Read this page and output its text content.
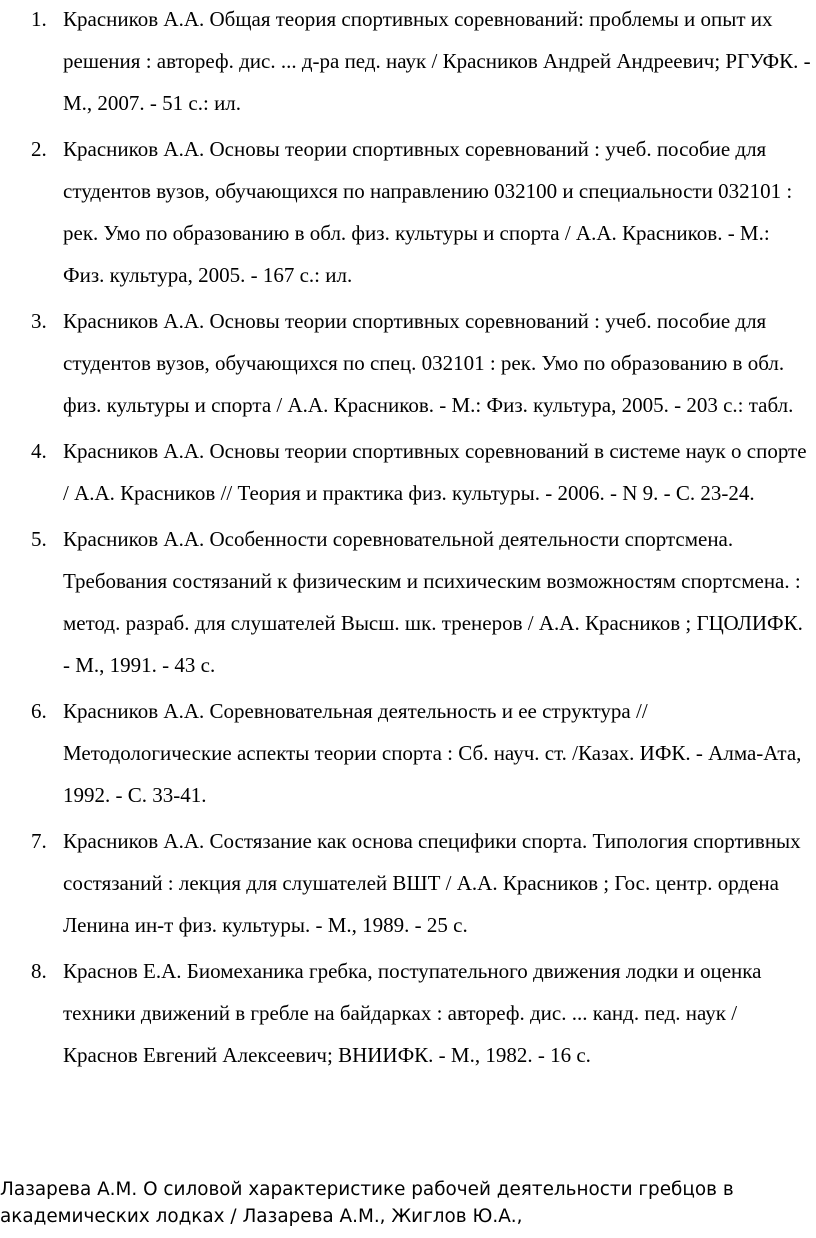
1. Красников А.А. Общая теория спортивных соревнований: проблемы и опыт их решения : автореф. дис. ... д-ра пед. наук / Красников Андрей Андреевич; РГУФК. - М., 2007. - 51 с.: ил.
2. Красников А.А. Основы теории спортивных соревнований : учеб. пособие для студентов вузов, обучающихся по направлению 032100 и специальности 032101 : рек. Умо по образованию в обл. физ. культуры и спорта / А.А. Красников. - М.: Физ. культура, 2005. - 167 с.: ил.
3. Красников А.А. Основы теории спортивных соревнований : учеб. пособие для студентов вузов, обучающихся по спец. 032101 : рек. Умо по образованию в обл. физ. культуры и спорта / А.А. Красников. - М.: Физ. культура, 2005. - 203 с.: табл.
4. Красников А.А. Основы теории спортивных соревнований в системе наук о спорте / А.А. Красников // Теория и практика физ. культуры. - 2006. - N 9. - С. 23-24.
5. Красников А.А. Особенности соревновательной деятельности спортсмена. Требования состязаний к физическим и психическим возможностям спортсмена. : метод. разраб. для слушателей Высш. шк. тренеров / А.А. Красников ; ГЦОЛИФК. - М., 1991. - 43 с.
6. Красников А.А. Соревновательная деятельность и ее структура // Методологические аспекты теории спорта : Сб. науч. ст. /Казах. ИФК. - Алма-Ата, 1992. - С. 33-41.
7. Красников А.А. Состязание как основа специфики спорта. Типология спортивных состязаний : лекция для слушателей ВШТ / А.А. Красников ; Гос. центр. ордена Ленина ин-т физ. культуры. - М., 1989. - 25 с.
8. Краснов Е.А. Биомеханика гребка, поступательного движения лодки и оценка техники движений в гребле на байдарках : автореф. дис. ... канд. пед. наук / Краснов Евгений Алексеевич; ВНИИФК. - М., 1982. - 16 с.

Лазарева А.М. О силовой характеристике рабочей деятельности гребцов в
академических лодках / Лазарева А.М., Жиглов Ю.А.,
